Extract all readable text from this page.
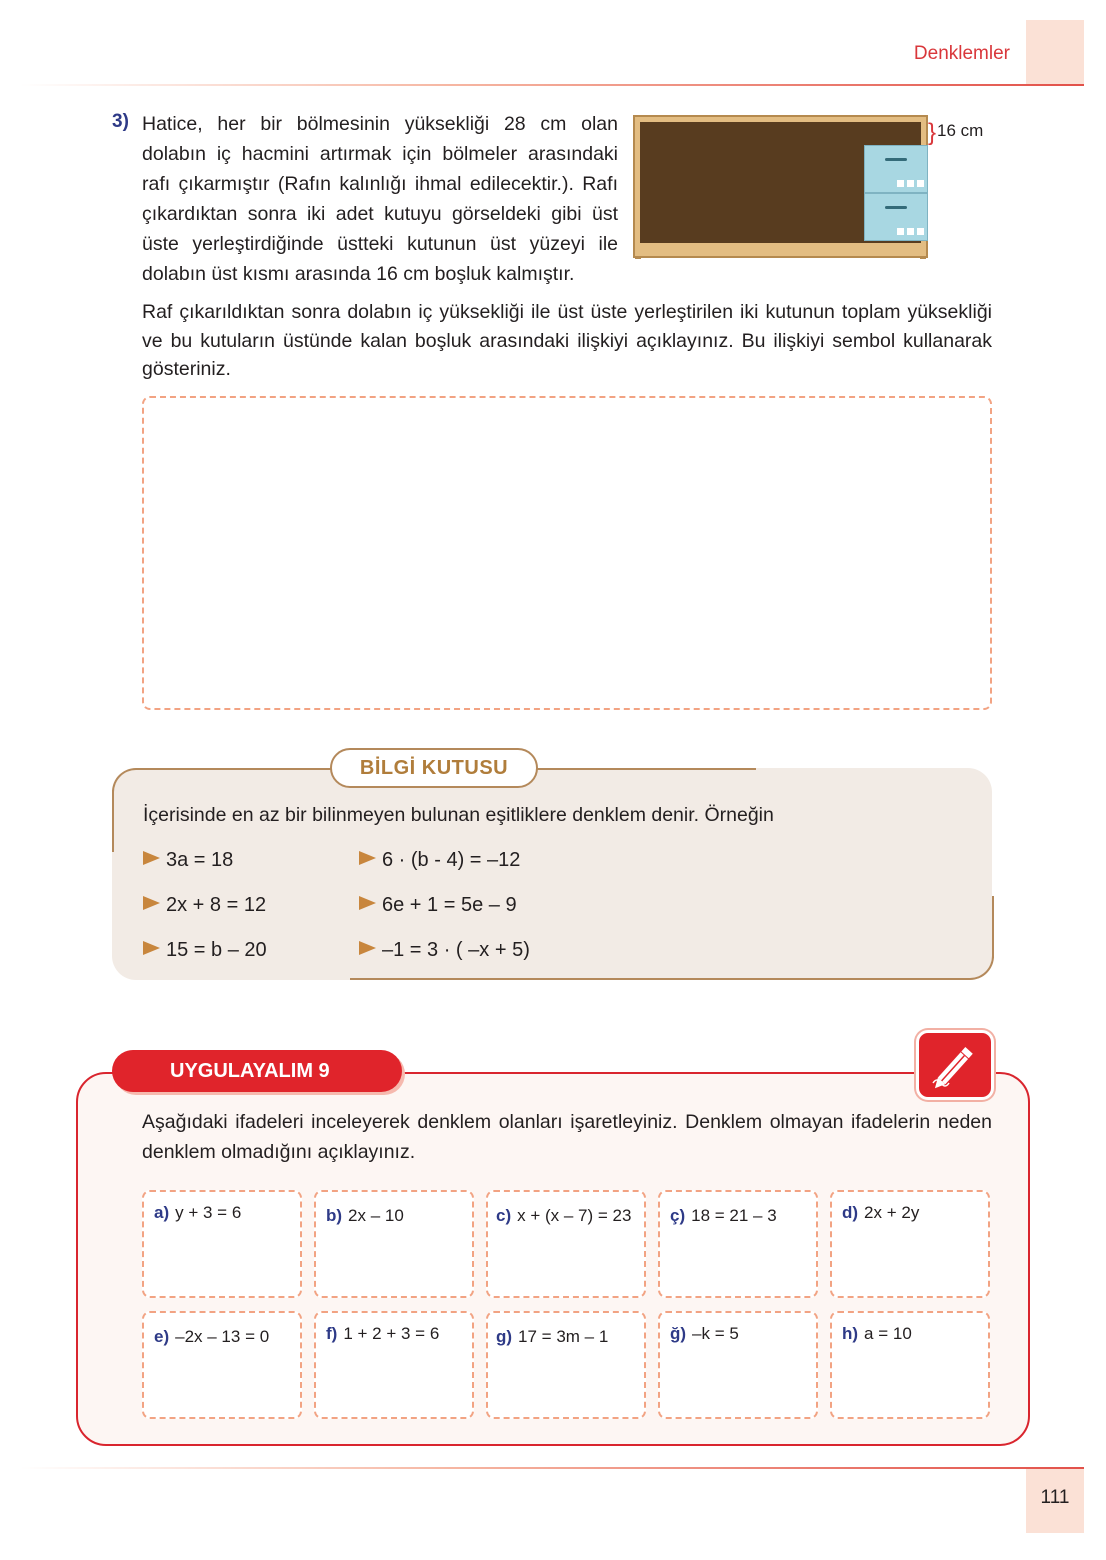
Denklemler
3) Hatice, her bir bölmesinin yüksekliği 28 cm olan dolabın iç hacmini artırmak için bölmeler arasındaki rafı çıkarmıştır (Rafın kalınlığı ihmal edilecektir.). Rafı çıkardıktan sonra iki adet kutuyu görseldeki gibi üst üste yerleştirdiğinde üstteki kutunun üst yüzeyi ile dolabın üst kısmı arasında 16 cm boşluk kalmıştır.
} 16 cm
Raf çıkarıldıktan sonra dolabın iç yüksekliği ile üst üste yerleştirilen iki kutunun toplam yüksekliği ve bu kutuların üstünde kalan boşluk arasındaki ilişkiyi açıklayınız. Bu ilişkiyi sembol kullanarak gösteriniz.
BİLGİ KUTUSU
İçerisinde en az bir bilinmeyen bulunan eşitliklere denklem denir. Örneğin
3a = 18
2x + 8 = 12
15 = b – 20
6 · (b - 4) = –12
6e + 1 = 5e – 9
–1 = 3 · ( –x + 5)
UYGULAYALIM 9
Aşağıdaki ifadeleri inceleyerek denklem olanları işaretleyiniz. Denklem olmayan ifadelerin neden denklem olmadığını açıklayınız.
a) y + 3 = 6	b) 2x – 10	c) x + (x – 7) = 23 ç) 18 = 21 – 3	d) 2x + 2y
e) –2x – 13 = 0	f) 1 + 2 + 3 = 6	g) 17 = 3m – 1	ğ) –k = 5	h) a = 10
111
